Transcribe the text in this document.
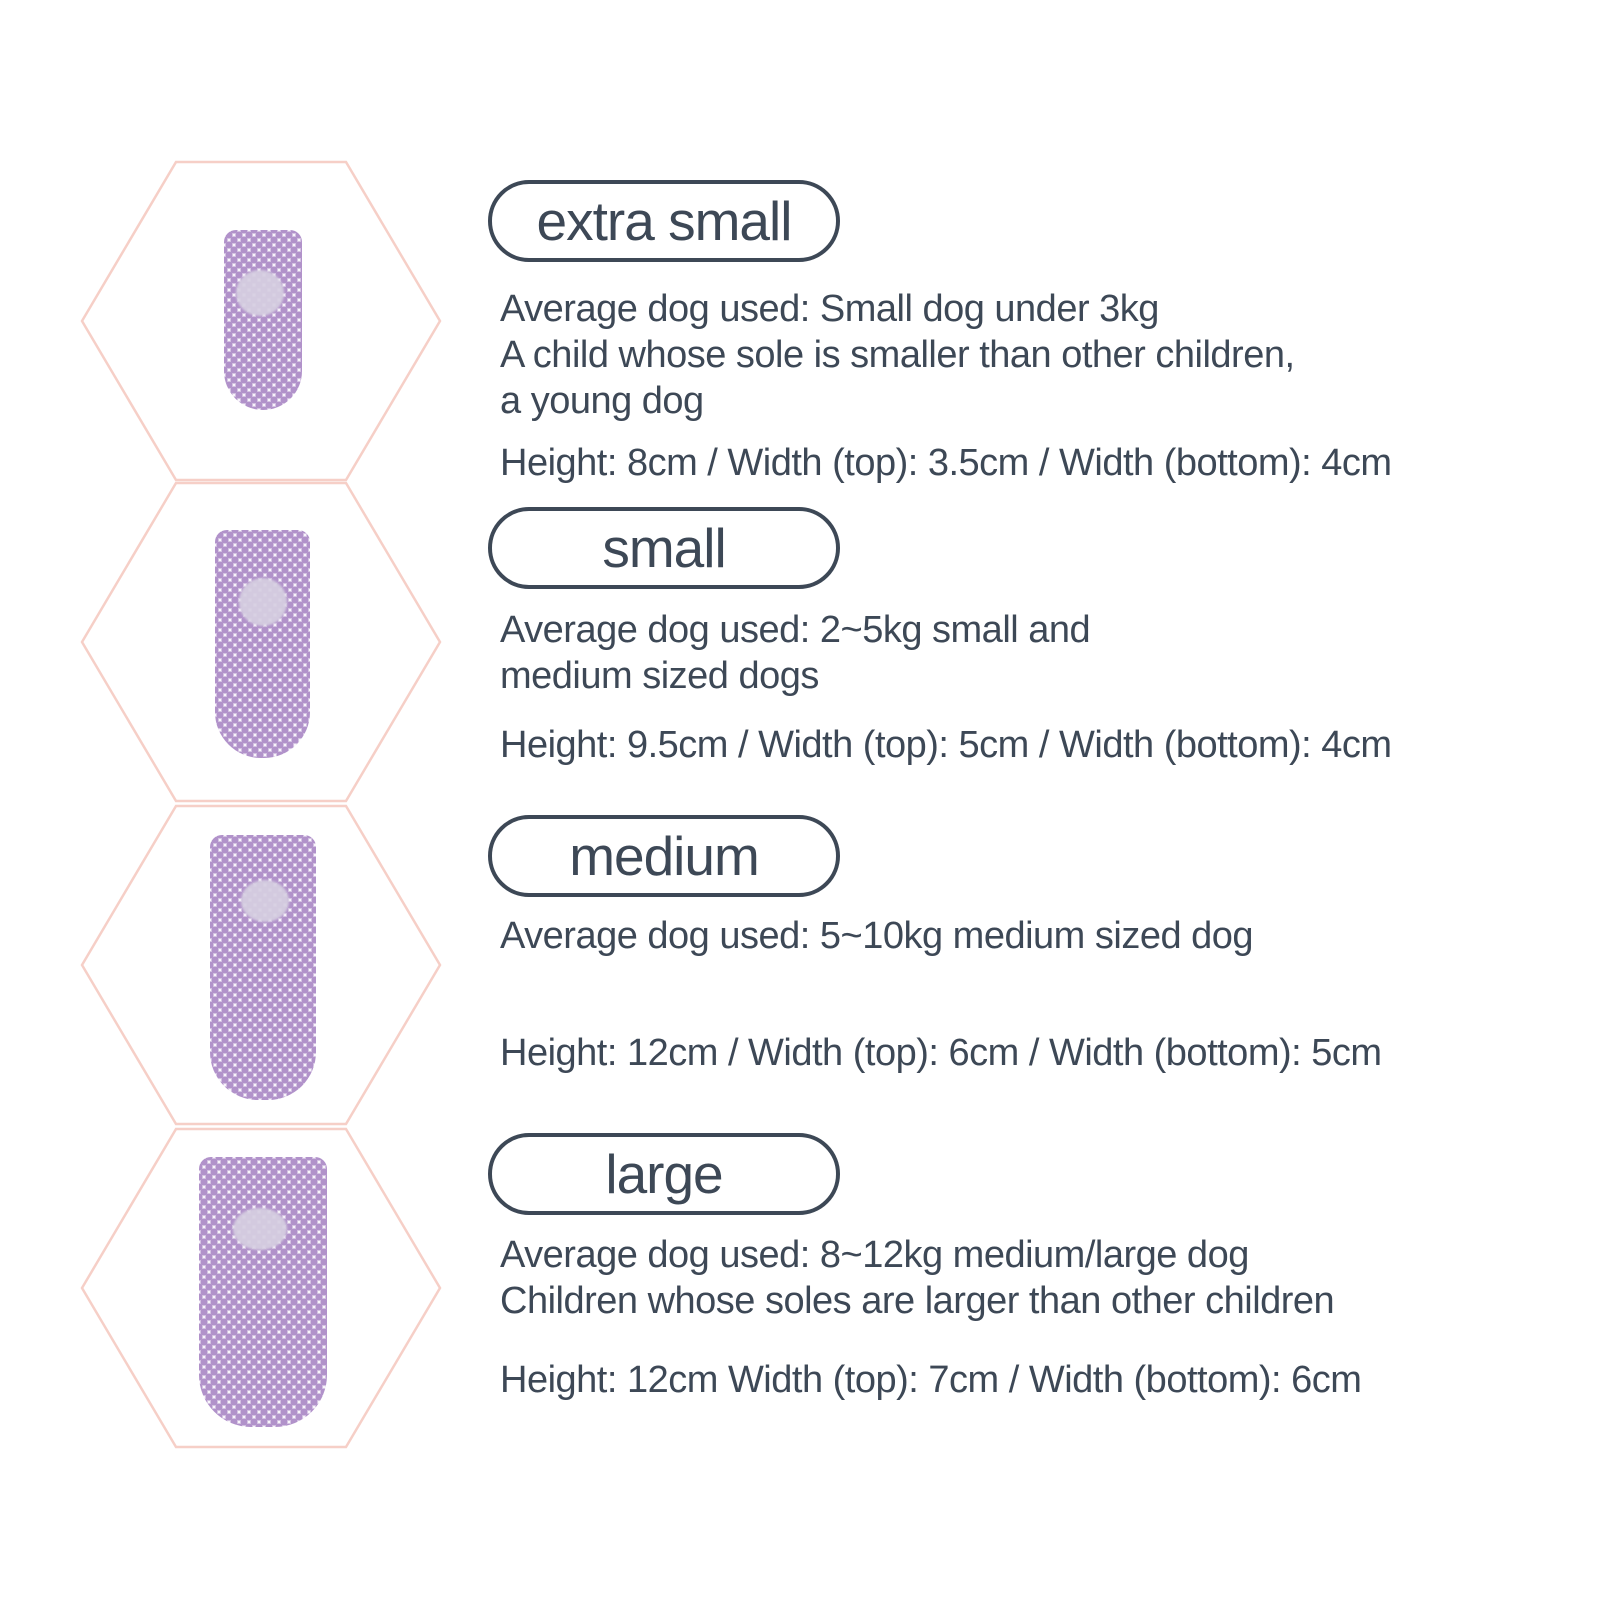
extra small

Average dog used: Small dog under 3kg
A child whose sole is smaller than other children,
a young dog

Height: 8cm / Width (top): 3.5cm / Width (bottom): 4cm

small

Average dog used: 2~5kg small and
medium sized dogs

Height: 9.5cm / Width (top): 5cm / Width (bottom): 4cm

medium

Average dog used: 5~10kg medium sized dog

Height: 12cm / Width (top): 6cm / Width (bottom): 5cm

large

Average dog used: 8~12kg medium/large dog
Children whose soles are larger than other children

Height: 12cm Width (top): 7cm / Width (bottom): 6cm
